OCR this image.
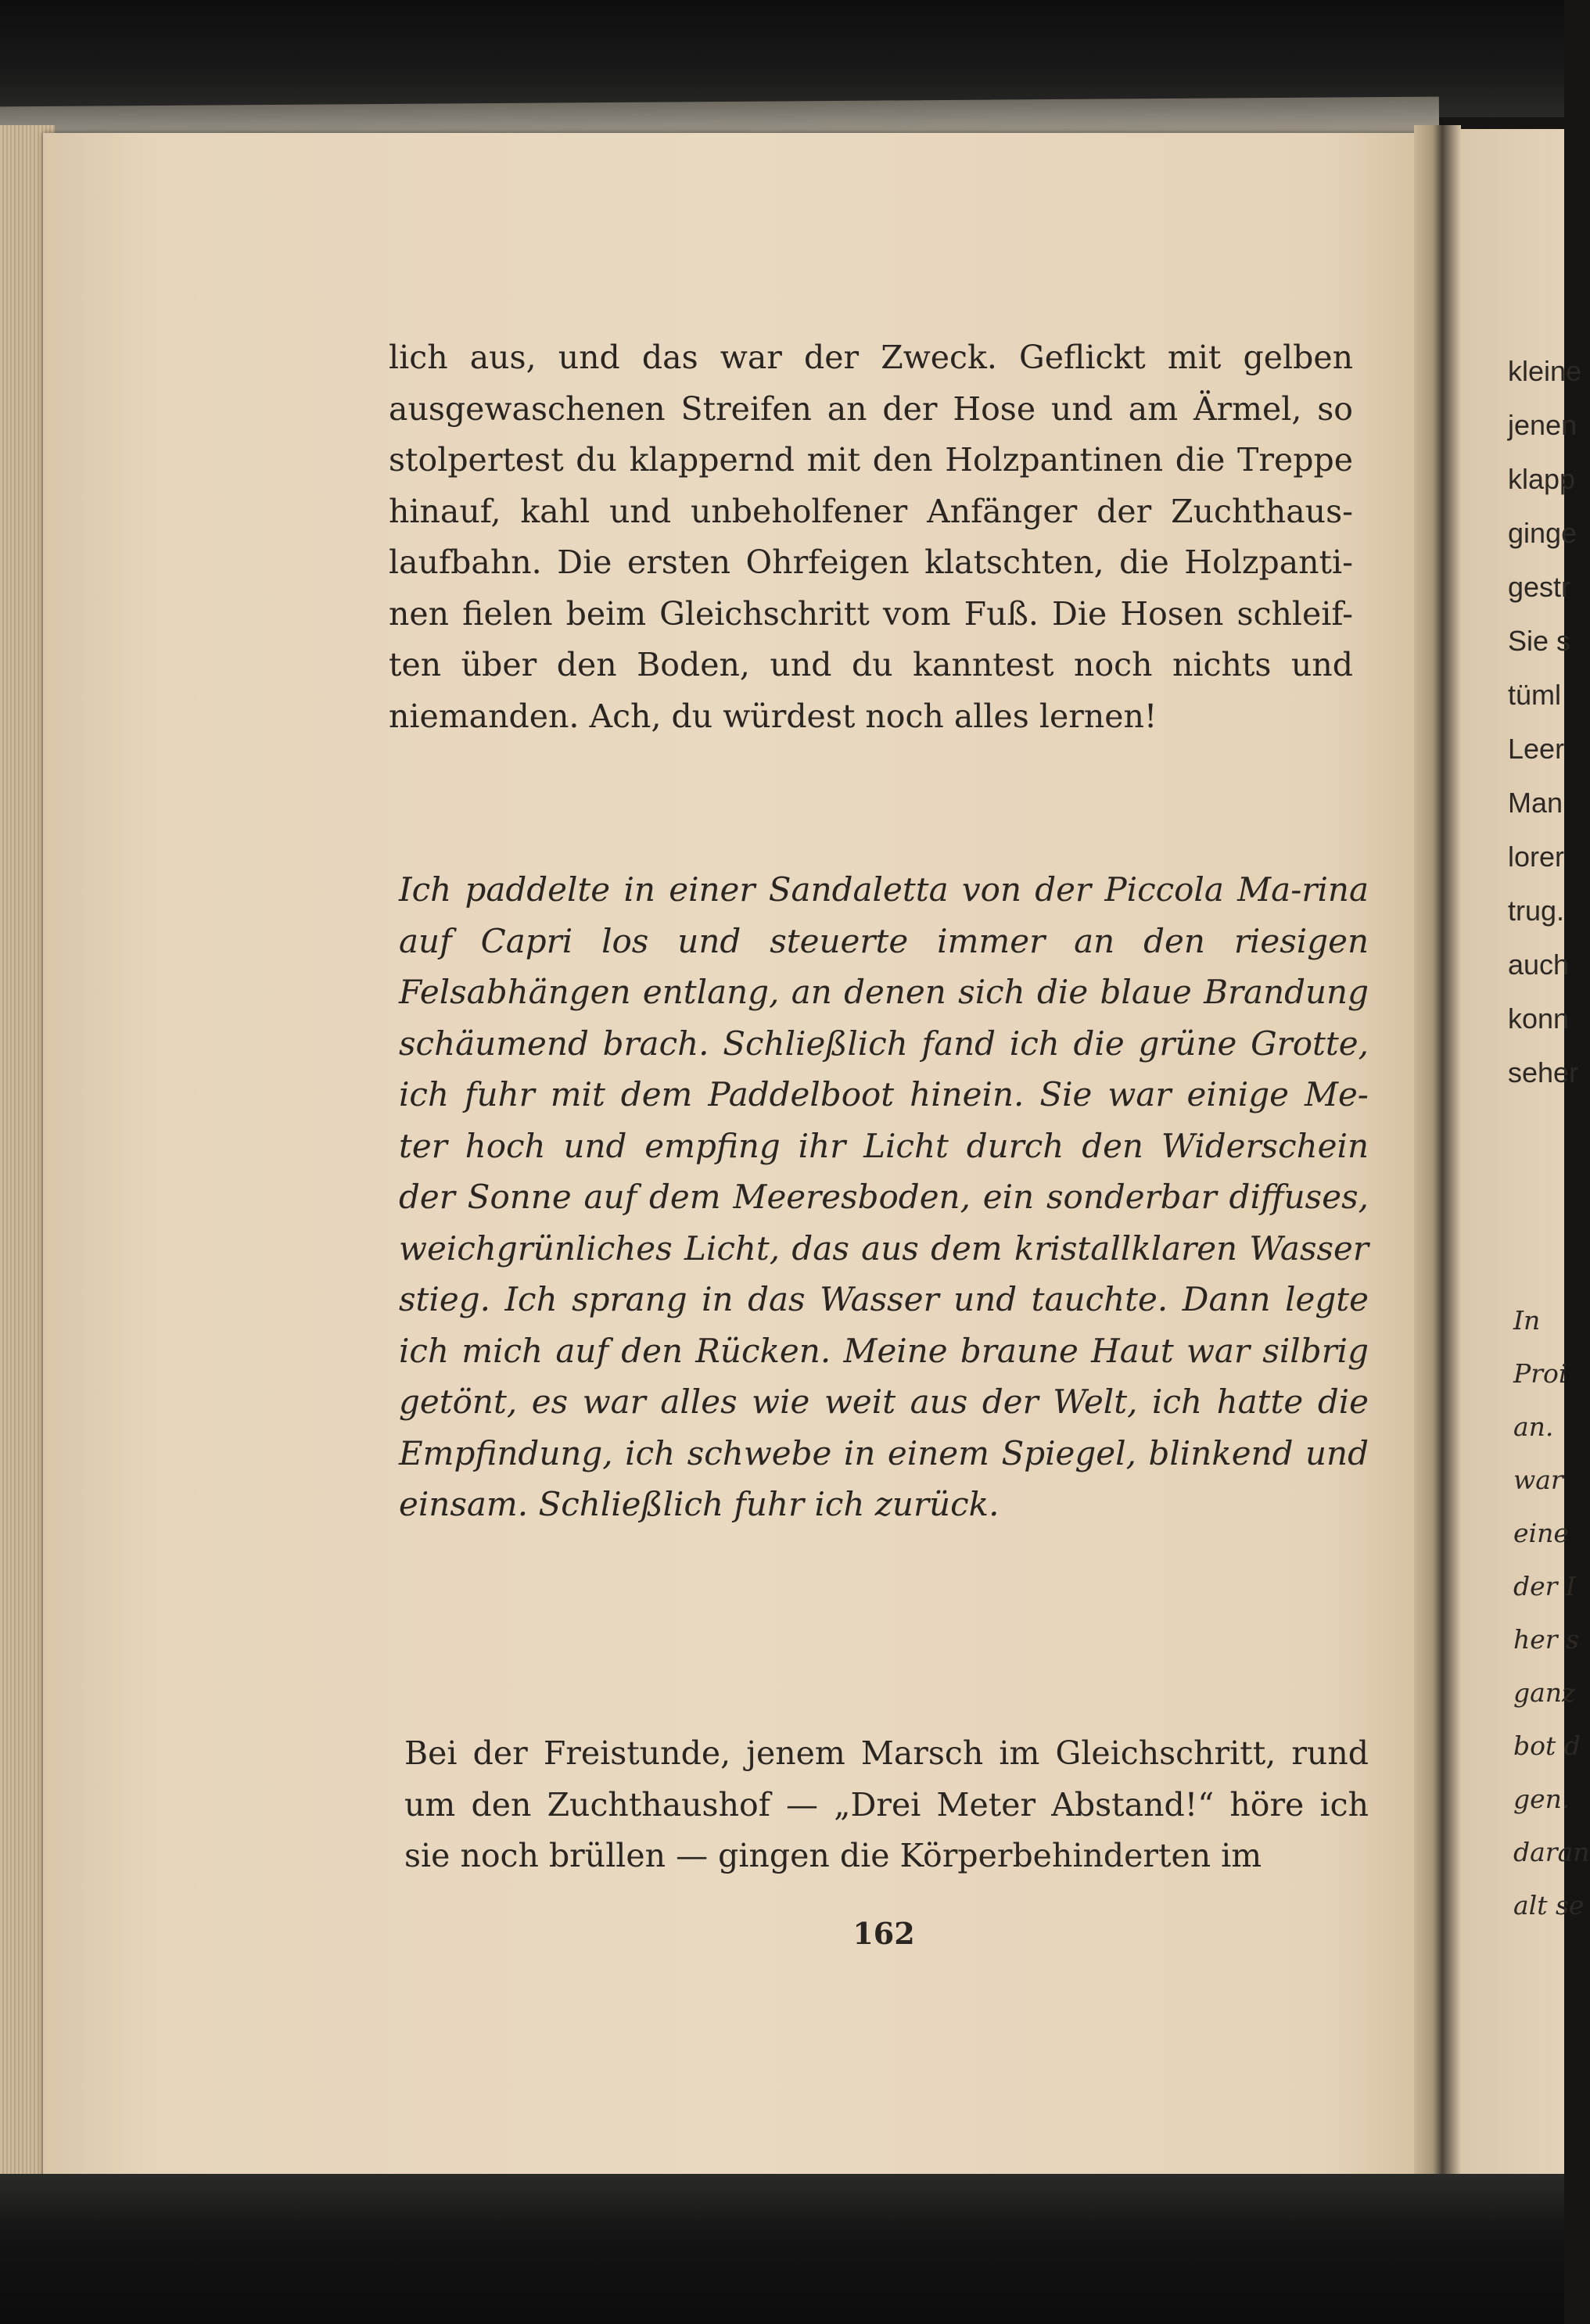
lich aus, und das war der Zweck. Geflickt mit gelben ausgewaschenen Streifen an der Hose und am Ärmel, so stolpertest du klappernd mit den Holzpantinen die Treppe hinauf, kahl und unbeholfener Anfänger der Zuchthaus-laufbahn. Die ersten Ohrfeigen klatschten, die Holzpanti-nen fielen beim Gleichschritt vom Fuß. Die Hosen schleif-ten über den Boden, und du kanntest noch nichts und niemanden. Ach, du würdest noch alles lernen!

Ich paddelte in einer Sandaletta von der Piccola Ma-rina auf Capri los und steuerte immer an den riesigen Felsabhängen entlang, an denen sich die blaue Brandung schäumend brach. Schließlich fand ich die grüne Grotte, ich fuhr mit dem Paddelboot hinein. Sie war einige Me-ter hoch und empfing ihr Licht durch den Widerschein der Sonne auf dem Meeresboden, ein sonderbar diffuses, weichgrünliches Licht, das aus dem kristallklaren Wasser stieg. Ich sprang in das Wasser und tauchte. Dann legte ich mich auf den Rücken. Meine braune Haut war silbrig getönt, es war alles wie weit aus der Welt, ich hatte die Empfindung, ich schwebe in einem Spiegel, blinkend und einsam. Schließlich fuhr ich zurück.

Bei der Freistunde, jenem Marsch im Gleichschritt, rund um den Zuchthaushof — „Drei Meter Abstand!“ höre ich sie noch brüllen — gingen die Körperbehinderten im

162
kleine
jenen
klapp
ginge
gestr
Sie s
tüml
Leer
Man
lorer
trug.
auch
konn
seher
In
Proi
an.
war
eine
der I
her s
ganz
bot d
gen.
daran
alt se
